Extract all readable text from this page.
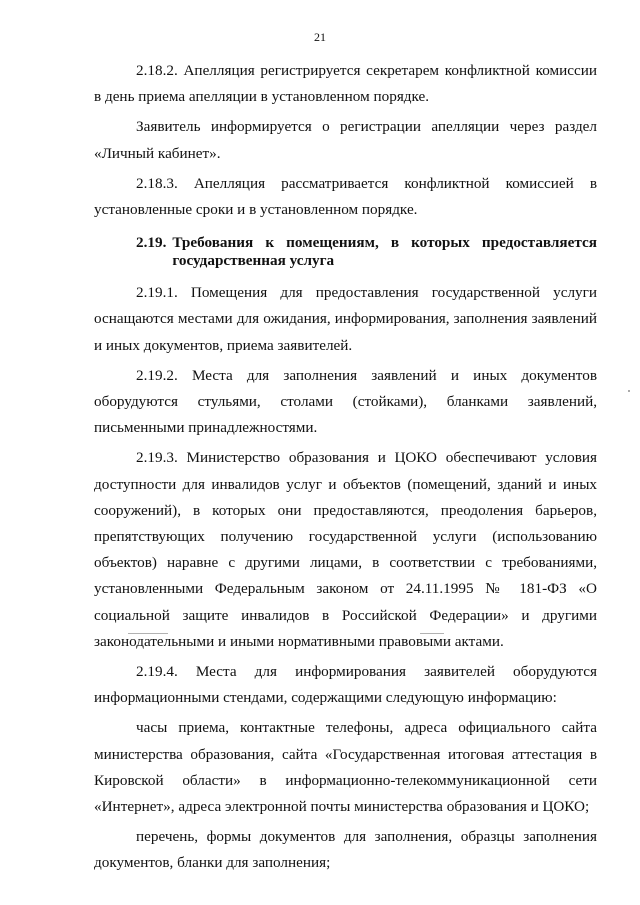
21

2.18.2. Апелляция регистрируется секретарем конфликтной комиссии в день приема апелляции в установленном порядке.

Заявитель информируется о регистрации апелляции через раздел «Личный кабинет».

2.18.3. Апелляция рассматривается конфликтной комиссией в установленные сроки и в установленном порядке.

2.19. Требования к помещениям, в которых предоставляется государственная услуга

2.19.1. Помещения для предоставления государственной услуги оснащаются местами для ожидания, информирования, заполнения заявлений и иных документов, приема заявителей.

2.19.2. Места для заполнения заявлений и иных документов оборудуются стульями, столами (стойками), бланками заявлений, письменными принадлежностями.

2.19.3. Министерство образования и ЦОКО обеспечивают условия доступности для инвалидов услуг и объектов (помещений, зданий и иных сооружений), в которых они предоставляются, преодоления барьеров, препятствующих получению государственной услуги (использованию объектов) наравне с другими лицами, в соответствии с требованиями, установленными Федеральным законом от 24.11.1995 № 181-ФЗ «О социальной защите инвалидов в Российской Федерации» и другими законодательными и иными нормативными правовыми актами.

2.19.4. Места для информирования заявителей оборудуются информационными стендами, содержащими следующую информацию:

часы приема, контактные телефоны, адреса официального сайта министерства образования, сайта «Государственная итоговая аттестация в Кировской области» в информационно-телекоммуникационной сети «Интернет», адреса электронной почты министерства образования и ЦОКО;

перечень, формы документов для заполнения, образцы заполнения документов, бланки для заполнения;
